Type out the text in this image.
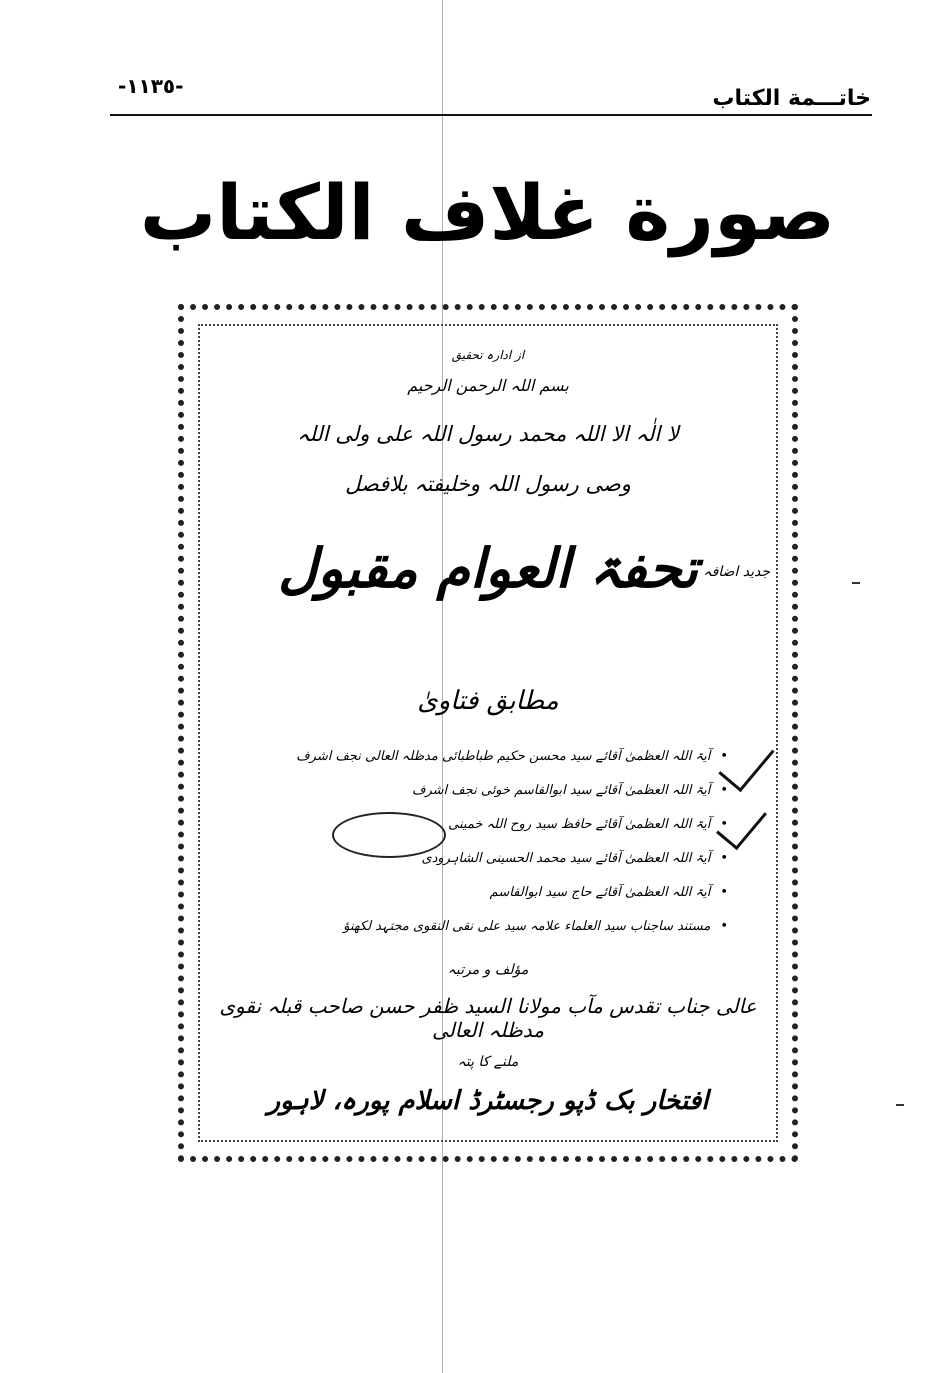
-١١٣٥-	خاتـــمة الكتاب
صورة غلاف الكتاب
از ادارہ تحقیق
بسم اللہ الرحمن الرحیم
لا الٰہ الا اللہ محمد رسول اللہ علی ولی اللہ
وصی رسول اللہ وخلیفتہ بلافصل
تحفۃ العوام مقبول جدید اضافہ
مطابق فتاویٰ
•آیۃ اللہ العظمیٰ آقائے سید محسن حکیم طباطبائی مدظلہ العالی نجف اشرف
•آیۃ اللہ العظمیٰ آقائے سید ابوالقاسم خوئی نجف اشرف
•آیۃ اللہ العظمیٰ آقائے حافظ سید روح اللہ خمینی
•آیۃ اللہ العظمیٰ آقائے سید محمد الحسینی الشاہرودی
•آیۃ اللہ العظمیٰ آقائے حاج سید ابوالقاسم
•مستند ساجناب سید العلماء علامہ سید علی نقی النقوی مجتہد لکھنؤ
مؤلف و مرتبہ
عالی جناب تقدس مآب مولانا السید ظفر حسن صاحب قبلہ نقوی مدظلہ العالی
ملنے کا پتہ
افتخار بک ڈپو رجسٹرڈ اسلام پورہ، لاہور
